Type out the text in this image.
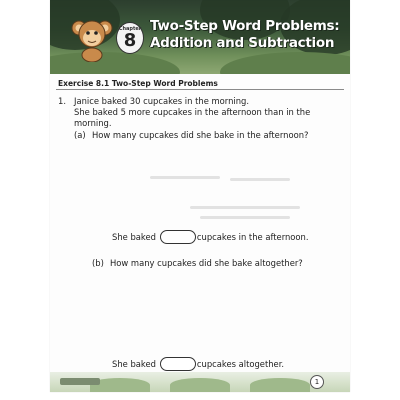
Chapter
8
Two-Step Word Problems:
Addition and Subtraction
Exercise 8.1 Two-Step Word Problems
1. Janice baked 30 cupcakes in the morning.
She baked 5 more cupcakes in the afternoon than in the
morning.
(a) How many cupcakes did she bake in the afternoon?
She baked	cupcakes in the afternoon.
(b) How many cupcakes did she bake altogether?
She baked	cupcakes altogether.
1
